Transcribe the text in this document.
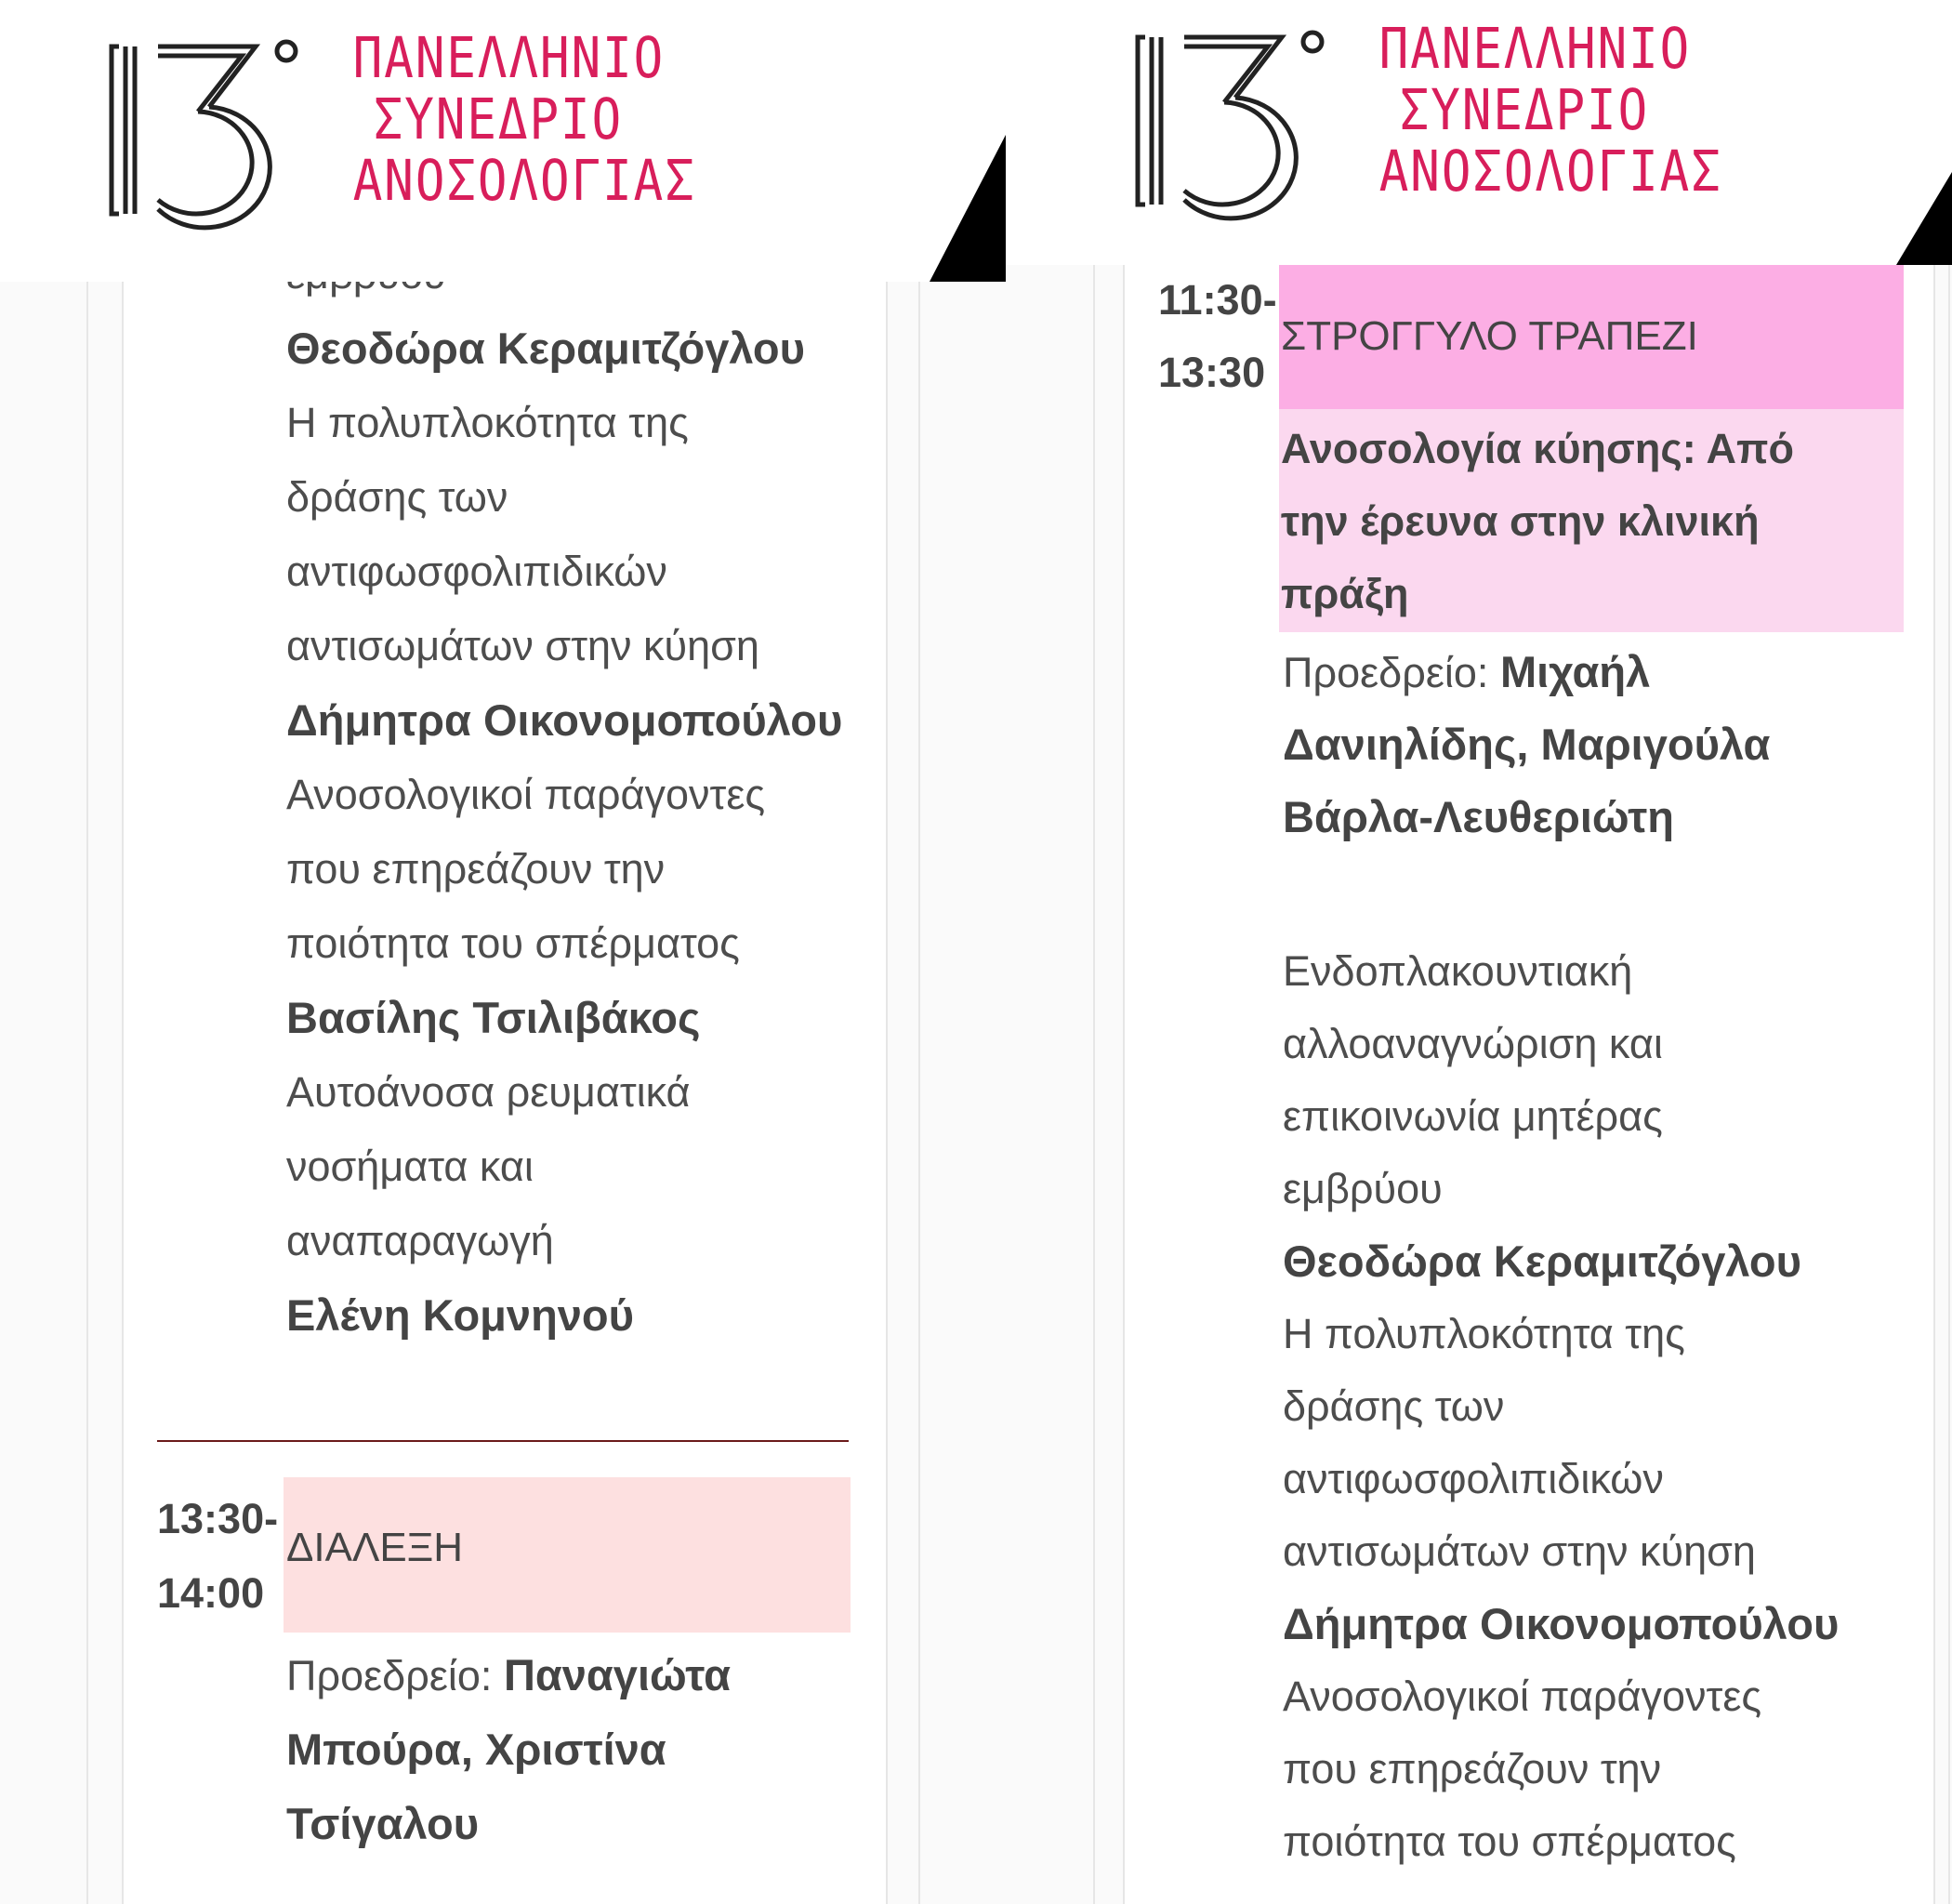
Θεοδώρα Κεραμιτζόγλου
Η πολυπλοκότητα της
δράσης των
αντιφωσφολιπιδικών
αντισωμάτων στην κύηση
Δήμητρα Οικονομοπούλου
Ανοσολογικοί παράγοντες
που επηρεάζουν την
ποιότητα του σπέρματος
Βασίλης Τσιλιβάκος
Αυτοάνοσα ρευματικά
νοσήματα και
αναπαραγωγή
Ελένη Κομνηνού
13:30-
14:00
ΔΙΑΛΕΞΗ
Προεδρείο: Παναγιώτα
Μπούρα, Χριστίνα
Τσίγαλου
ΠΑΝΕΛΛΗΝΙΟ
ΣΥΝΕΔΡΙΟ
ΑΝΟΣΟΛΟΓΙΑΣ
11:30-
13:30
ΣΤΡΟΓΓΥΛΟ ΤΡΑΠΕΖΙ
Ανοσολογία κύησης: Από
την έρευνα στην κλινική
πράξη
Προεδρείο: Μιχαήλ
Δανιηλίδης, Μαριγούλα
Βάρλα-Λευθεριώτη
Ενδοπλακουντιακή
αλλοαναγνώριση και
επικοινωνία μητέρας
εμβρύου
Θεοδώρα Κεραμιτζόγλου
Η πολυπλοκότητα της
δράσης των
αντιφωσφολιπιδικών
αντισωμάτων στην κύηση
Δήμητρα Οικονομοπούλου
Ανοσολογικοί παράγοντες
που επηρεάζουν την
ποιότητα του σπέρματος
ΠΑΝΕΛΛΗΝΙΟ
ΣΥΝΕΔΡΙΟ
ΑΝΟΣΟΛΟΓΙΑΣ
